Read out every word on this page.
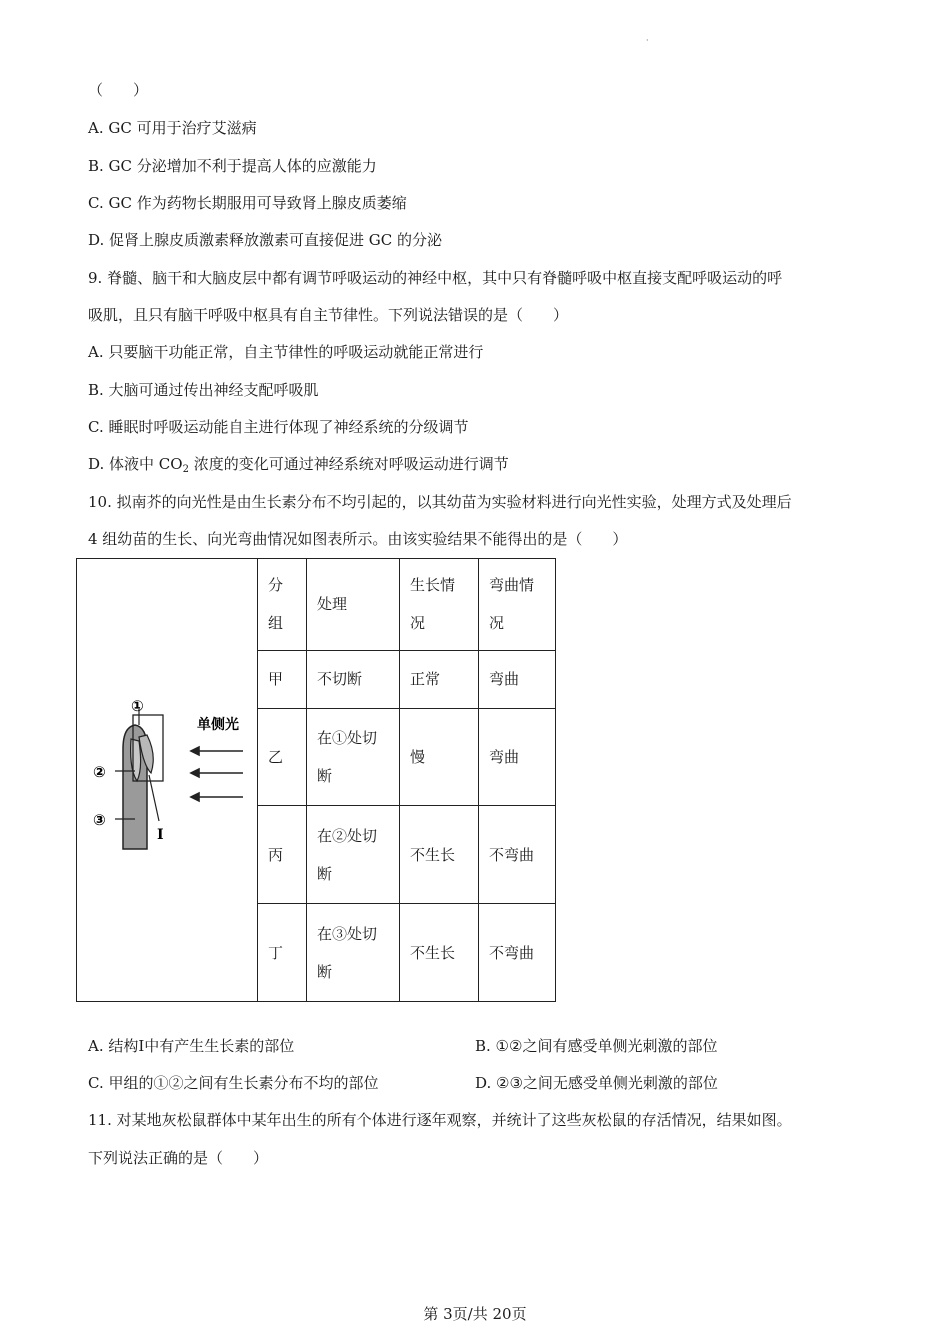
·
（　　）
A. GC 可用于治疗艾滋病
B. GC 分泌增加不利于提高人体的应激能力
C. GC 作为药物长期服用可导致肾上腺皮质萎缩
D. 促肾上腺皮质激素释放激素可直接促进 GC 的分泌
9. 脊髓、脑干和大脑皮层中都有调节呼吸运动的神经中枢，其中只有脊髓呼吸中枢直接支配呼吸运动的呼
吸肌，且只有脑干呼吸中枢具有自主节律性。下列说法错误的是（　　）
A. 只要脑干功能正常，自主节律性的呼吸运动就能正常进行
B. 大脑可通过传出神经支配呼吸肌
C. 睡眠时呼吸运动能自主进行体现了神经系统的分级调节
D. 体液中 $CO_2$ 浓度的变化可通过神经系统对呼吸运动进行调节
10. 拟南芥的向光性是由生长素分布不均引起的，以其幼苗为实验材料进行向光性实验，处理方式及处理后
4 组幼苗的生长、向光弯曲情况如图表所示。由该实验结果不能得出的是（　　）
①
②
③
I
单侧光	分组	处理	生长情况	弯曲情况
	甲	不切断	正常	弯曲
	乙	在①处切断	慢	弯曲
	丙	在②处切断	不生长	不弯曲
	丁	在③处切断	不生长	不弯曲
A. 结构I中有产生生长素的部位	B. ①②之间有感受单侧光刺激的部位
C. 甲组的①②之间有生长素分布不均的部位	D. ②③之间无感受单侧光刺激的部位
11. 对某地灰松鼠群体中某年出生的所有个体进行逐年观察，并统计了这些灰松鼠的存活情况，结果如图。
下列说法正确的是（　　）
第 3页/共 20页
